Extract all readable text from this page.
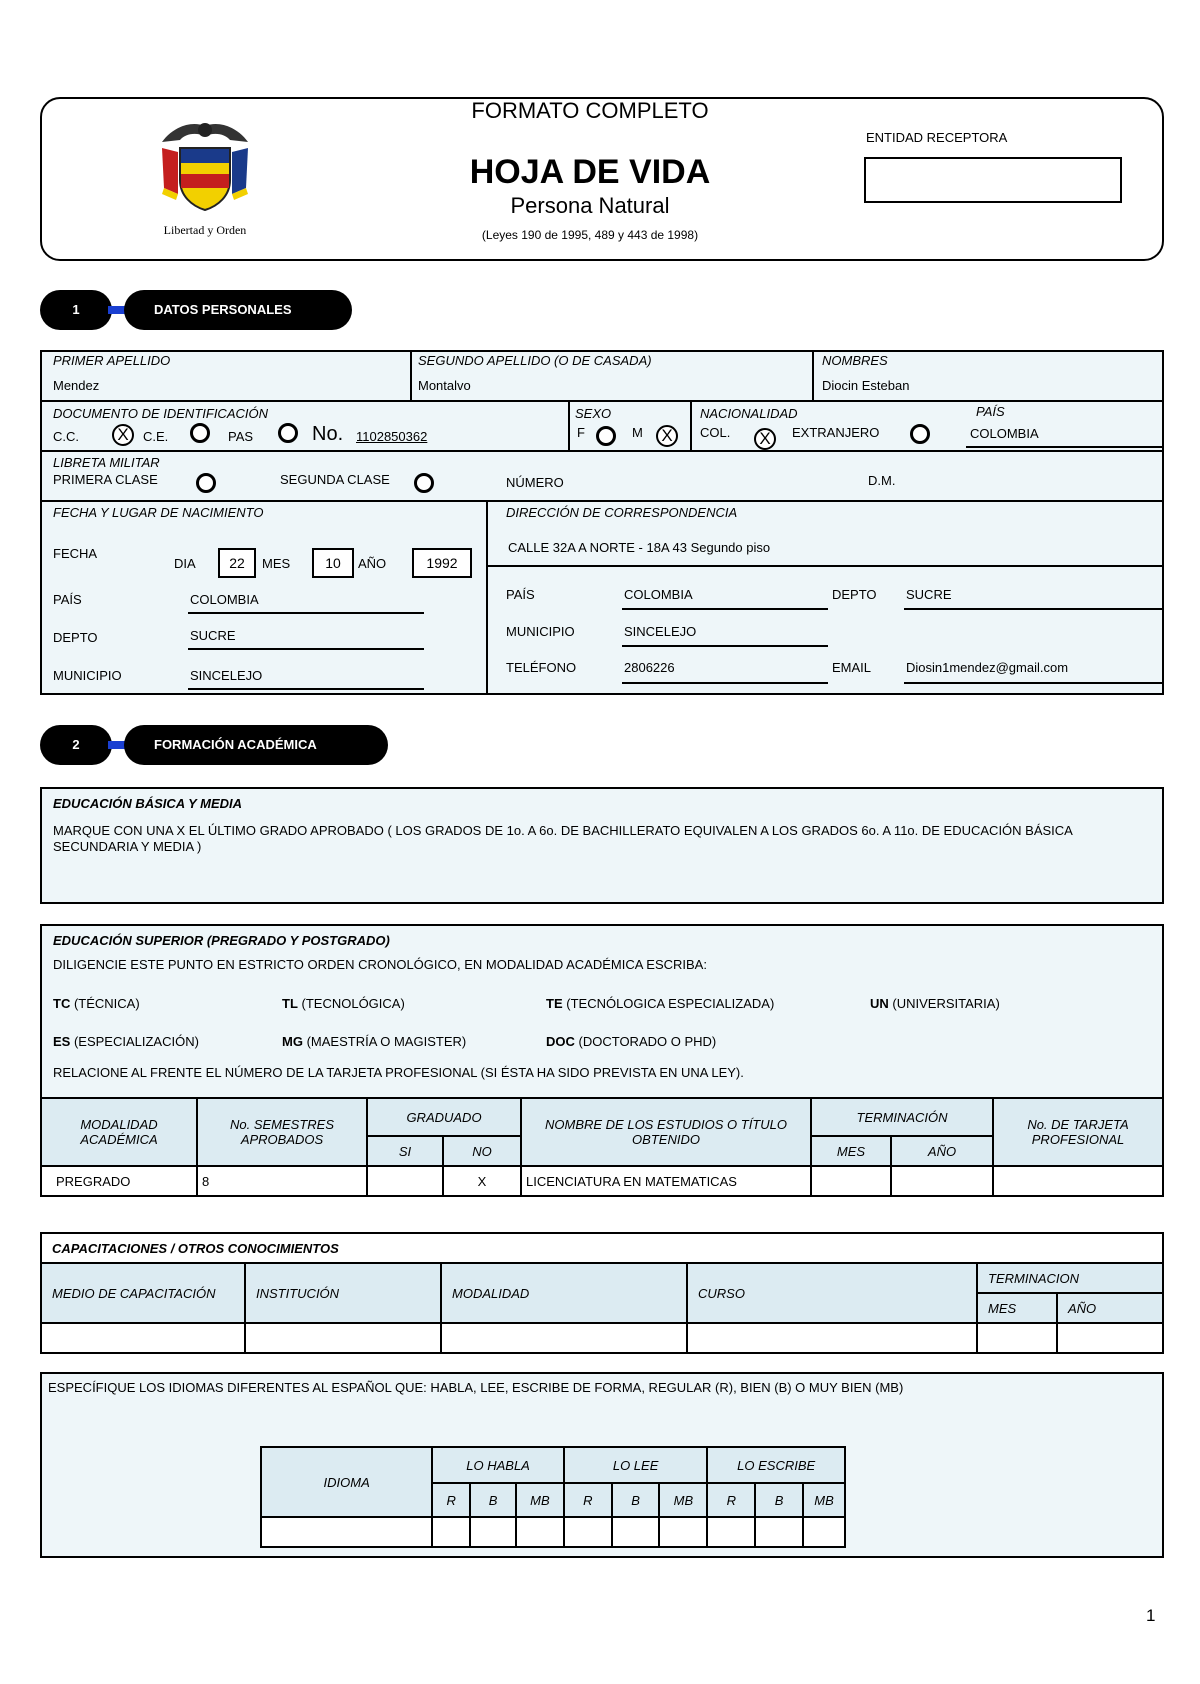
Libertad y Orden
FORMATO COMPLETO
HOJA DE VIDA
Persona Natural
(Leyes 190 de 1995, 489 y 443 de 1998)
ENTIDAD RECEPTORA
1	DATOS PERSONALES
PRIMER APELLIDO
Mendez
SEGUNDO APELLIDO (O DE CASADA)
Montalvo
NOMBRES
Diocin Esteban
DOCUMENTO DE IDENTIFICACIÓN
C.C.	X	C.E.	PAS	No. 1102850362
SEXO
F	M	X
NACIONALIDAD
COL.	X	EXTRANJERO
PAÍS
COLOMBIA
LIBRETA MILITAR
PRIMERA CLASE	SEGUNDA CLASE	NÚMERO	D.M.
FECHA Y LUGAR DE NACIMIENTO
FECHA
DIA	22	MES	10	AÑO	1992
PAÍS	COLOMBIA
DEPTO	SUCRE
MUNICIPIO	SINCELEJO
DIRECCIÓN DE CORRESPONDENCIA
CALLE 32A A NORTE - 18A 43 Segundo piso
PAÍS	COLOMBIA	DEPTO SUCRE
MUNICIPIO	SINCELEJO
TELÉFONO	2806226	EMAIL	Diosin1mendez@gmail.com
2	FORMACIÓN ACADÉMICA
EDUCACIÓN BÁSICA Y MEDIA
MARQUE CON UNA X EL ÚLTIMO GRADO APROBADO ( LOS GRADOS DE 1o. A 6o. DE BACHILLERATO EQUIVALEN A LOS GRADOS 6o. A 11o. DE EDUCACIÓN BÁSICA SECUNDARIA Y MEDIA )
EDUCACIÓN SUPERIOR (PREGRADO Y POSTGRADO)
DILIGENCIE ESTE PUNTO EN ESTRICTO ORDEN CRONOLÓGICO, EN MODALIDAD ACADÉMICA ESCRIBA:
TC (TÉCNICA)	TL (TECNOLÓGICA)	TE (TECNÓLOGICA ESPECIALIZADA)	UN (UNIVERSITARIA)
ES (ESPECIALIZACIÓN)	MG (MAESTRÍA O MAGISTER)	DOC (DOCTORADO O PHD)
RELACIONE AL FRENTE EL NÚMERO DE LA TARJETA PROFESIONAL (SI ÉSTA HA SIDO PREVISTA EN UNA LEY).
MODALIDAD ACADÉMICA	No. SEMESTRES APROBADOS	GRADUADO		NOMBRE DE LOS ESTUDIOS O TÍTULO OBTENIDO	TERMINACIÓN		No. DE TARJETA PROFESIONAL
		SI	NO		MES	AÑO	
PREGRADO	8		X	LICENCIATURA EN MATEMATICAS			
CAPACITACIONES / OTROS CONOCIMIENTOS					
MEDIO DE CAPACITACIÓN	INSTITUCIÓN	MODALIDAD	CURSO	TERMINACION	
				MES	AÑO

ESPECÍFIQUE LOS IDIOMAS DIFERENTES AL ESPAÑOL QUE: HABLA, LEE, ESCRIBE DE FORMA, REGULAR (R), BIEN (B) O MUY BIEN (MB)
IDIOMA	LO HABLA			LO LEE			LO ESCRIBE		
	R	B	MB	R	B	MB	R	B	MB

1
